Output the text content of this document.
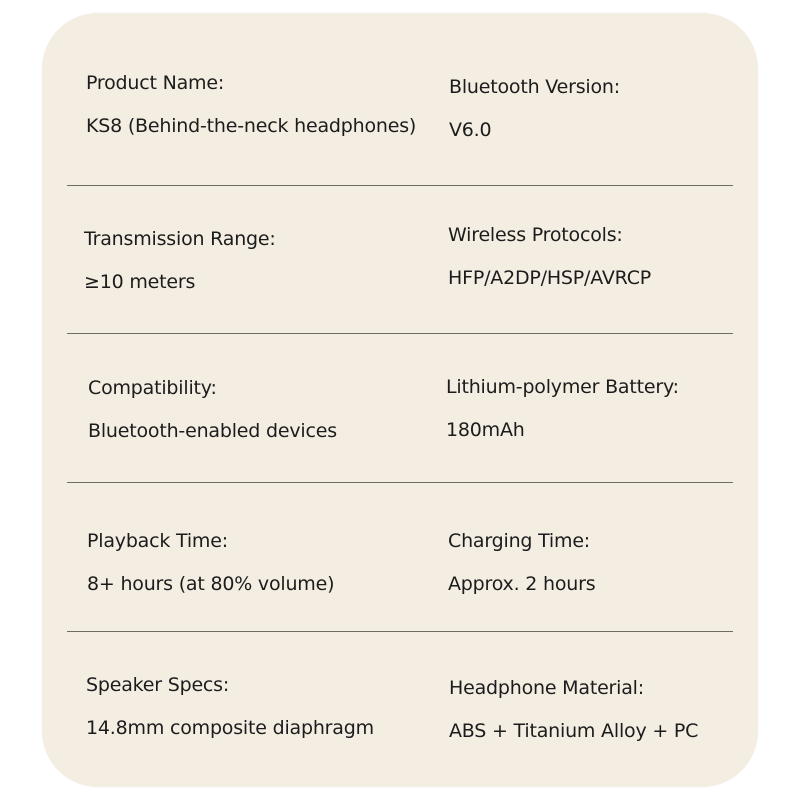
Product Name:
KS8 (Behind-the-neck headphones)
Bluetooth Version:
V6.0
Transmission Range:
≥10 meters
Wireless Protocols:
HFP/A2DP/HSP/AVRCP
Compatibility:
Bluetooth-enabled devices
Lithium-polymer Battery:
180mAh
Playback Time:
8+ hours (at 80% volume)
Charging Time:
Approx. 2 hours
Speaker Specs:
14.8mm composite diaphragm
Headphone Material:
ABS + Titanium Alloy + PC
